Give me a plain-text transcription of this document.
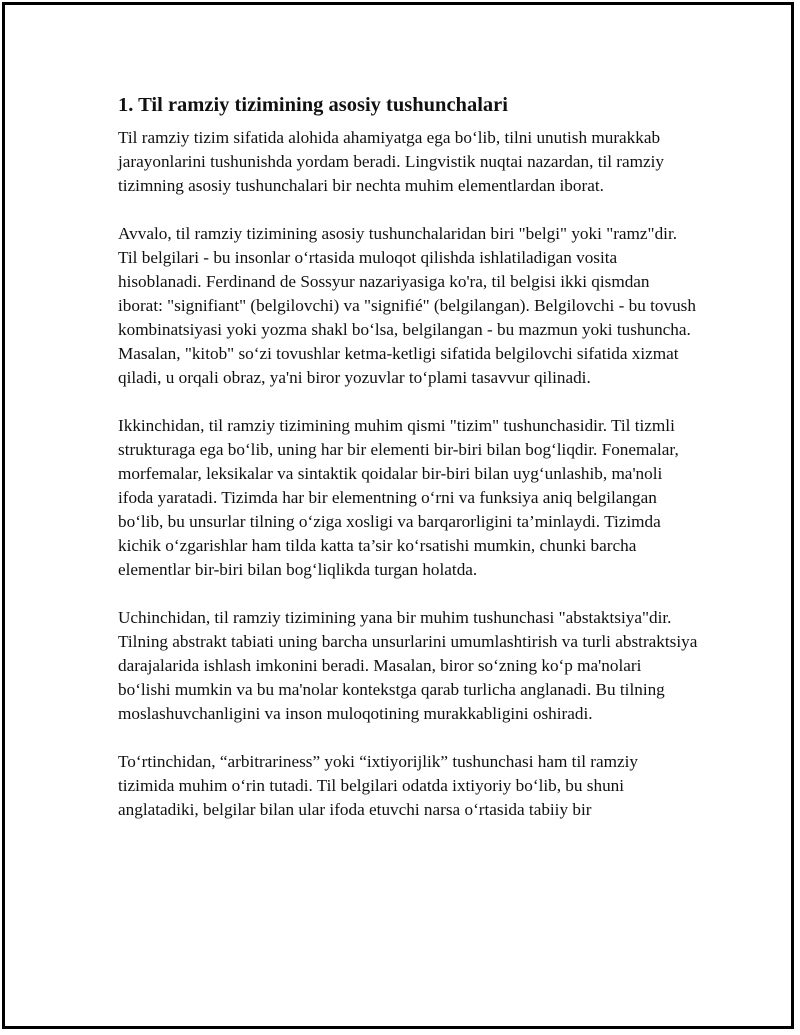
1. Til ramziy tizimining asosiy tushunchalari

Til ramziy tizim sifatida alohida ahamiyatga ega bo‘lib, tilni unutish murakkab jarayonlarini tushunishda yordam beradi. Lingvistik nuqtai nazardan, til ramziy tizimning asosiy tushunchalari bir nechta muhim elementlardan iborat.

Avvalo, til ramziy tizimining asosiy tushunchalaridan biri "belgi" yoki "ramz"dir. Til belgilari - bu insonlar o‘rtasida muloqot qilishda ishlatiladigan vosita hisoblanadi. Ferdinand de Sossyur nazariyasiga ko'ra, til belgisi ikki qismdan iborat: "signifiant" (belgilovchi) va "signifié" (belgilangan). Belgilovchi - bu tovush kombinatsiyasi yoki yozma shakl bo‘lsa, belgilangan - bu mazmun yoki tushuncha. Masalan, "kitob" so‘zi tovushlar ketma-ketligi sifatida belgilovchi sifatida xizmat qiladi, u orqali obraz, ya'ni biror yozuvlar to‘plami tasavvur qilinadi.

Ikkinchidan, til ramziy tizimining muhim qismi "tizim" tushunchasidir. Til tizmli strukturaga ega bo‘lib, uning har bir elementi bir-biri bilan bog‘liqdir. Fonemalar, morfemalar, leksikalar va sintaktik qoidalar bir-biri bilan uyg‘unlashib, ma'noli ifoda yaratadi. Tizimda har bir elementning o‘rni va funksiya aniq belgilangan bo‘lib, bu unsurlar tilning o‘ziga xosligi va barqarorligini ta’minlaydi. Tizimda kichik o‘zgarishlar ham tilda katta ta’sir ko‘rsatishi mumkin, chunki barcha elementlar bir-biri bilan bog‘liqlikda turgan holatda.

Uchinchidan, til ramziy tizimining yana bir muhim tushunchasi "abstaktsiya"dir. Tilning abstrakt tabiati uning barcha unsurlarini umumlashtirish va turli abstraktsiya darajalarida ishlash imkonini beradi. Masalan, biror so‘zning ko‘p ma'nolari bo‘lishi mumkin va bu ma'nolar kontekstga qarab turlicha anglanadi. Bu tilning moslashuvchanligini va inson muloqotining murakkabligini oshiradi.

To‘rtinchidan, “arbitrariness” yoki “ixtiyorijlik” tushunchasi ham til ramziy tizimida muhim o‘rin tutadi. Til belgilari odatda ixtiyoriy bo‘lib, bu shuni anglatadiki, belgilar bilan ular ifoda etuvchi narsa o‘rtasida tabiiy bir
